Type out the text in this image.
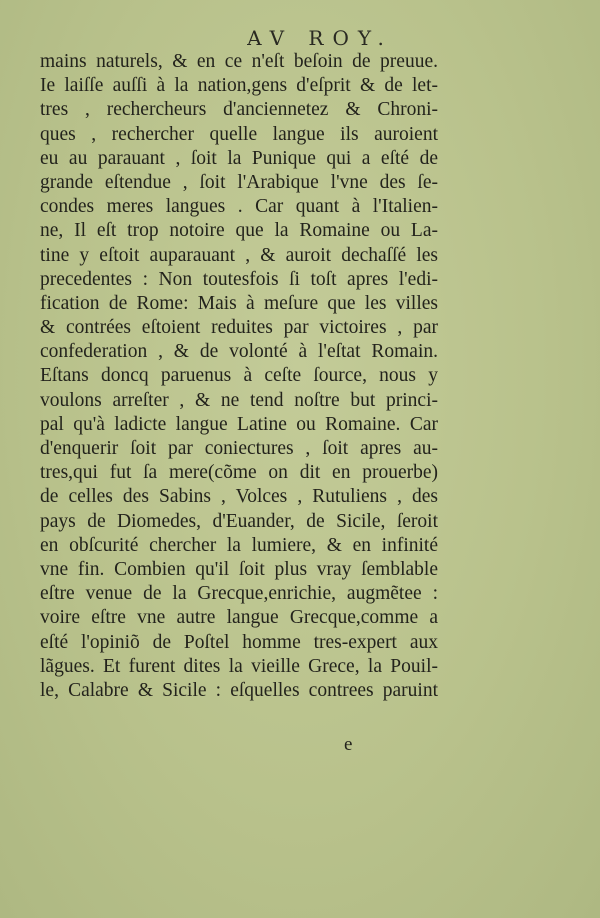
AV ROY.
mains naturels, & en ce n'eſt beſoin de preuue.
Ie laiſſe auſſi à la nation,gens d'eſprit & de let-
tres , rechercheurs d'anciennetez & Chroni-
ques , rechercher quelle langue ils auroient
eu au parauant , ſoit la Punique qui a eſté de
grande eſtendue , ſoit l'Arabique l'vne des ſe-
condes meres langues . Car quant à l'Italien-
ne, Il eſt trop notoire que la Romaine ou La-
tine y eſtoit auparauant , & auroit dechaſſé les
precedentes : Non toutesfois ſi toſt apres l'edi-
fication de Rome: Mais à meſure que les villes
& contrées eſtoient reduites par victoires , par
confederation , & de volonté à l'eſtat Romain.
Eſtans doncq paruenus à ceſte ſource, nous y
voulons arreſter , & ne tend noſtre but princi-
pal qu'à ladicte langue Latine ou Romaine. Car
d'enquerir ſoit par coniectures , ſoit apres au-
tres,qui fut ſa mere(cõme on dit en prouerbe)
de celles des Sabins , Volces , Rutuliens , des
pays de Diomedes, d'Euander, de Sicile, ſeroit
en obſcurité chercher la lumiere, & en infinité
vne fin. Combien qu'il ſoit plus vray ſemblable
eſtre venue de la Grecque,enrichie, augmẽtee :
voire eſtre vne autre langue Grecque,comme a
eſté l'opiniõ de Poſtel homme tres-expert aux
lãgues. Et furent dites la vieille Grece, la Pouil-
le, Calabre & Sicile : eſquelles contrees paruint
e
